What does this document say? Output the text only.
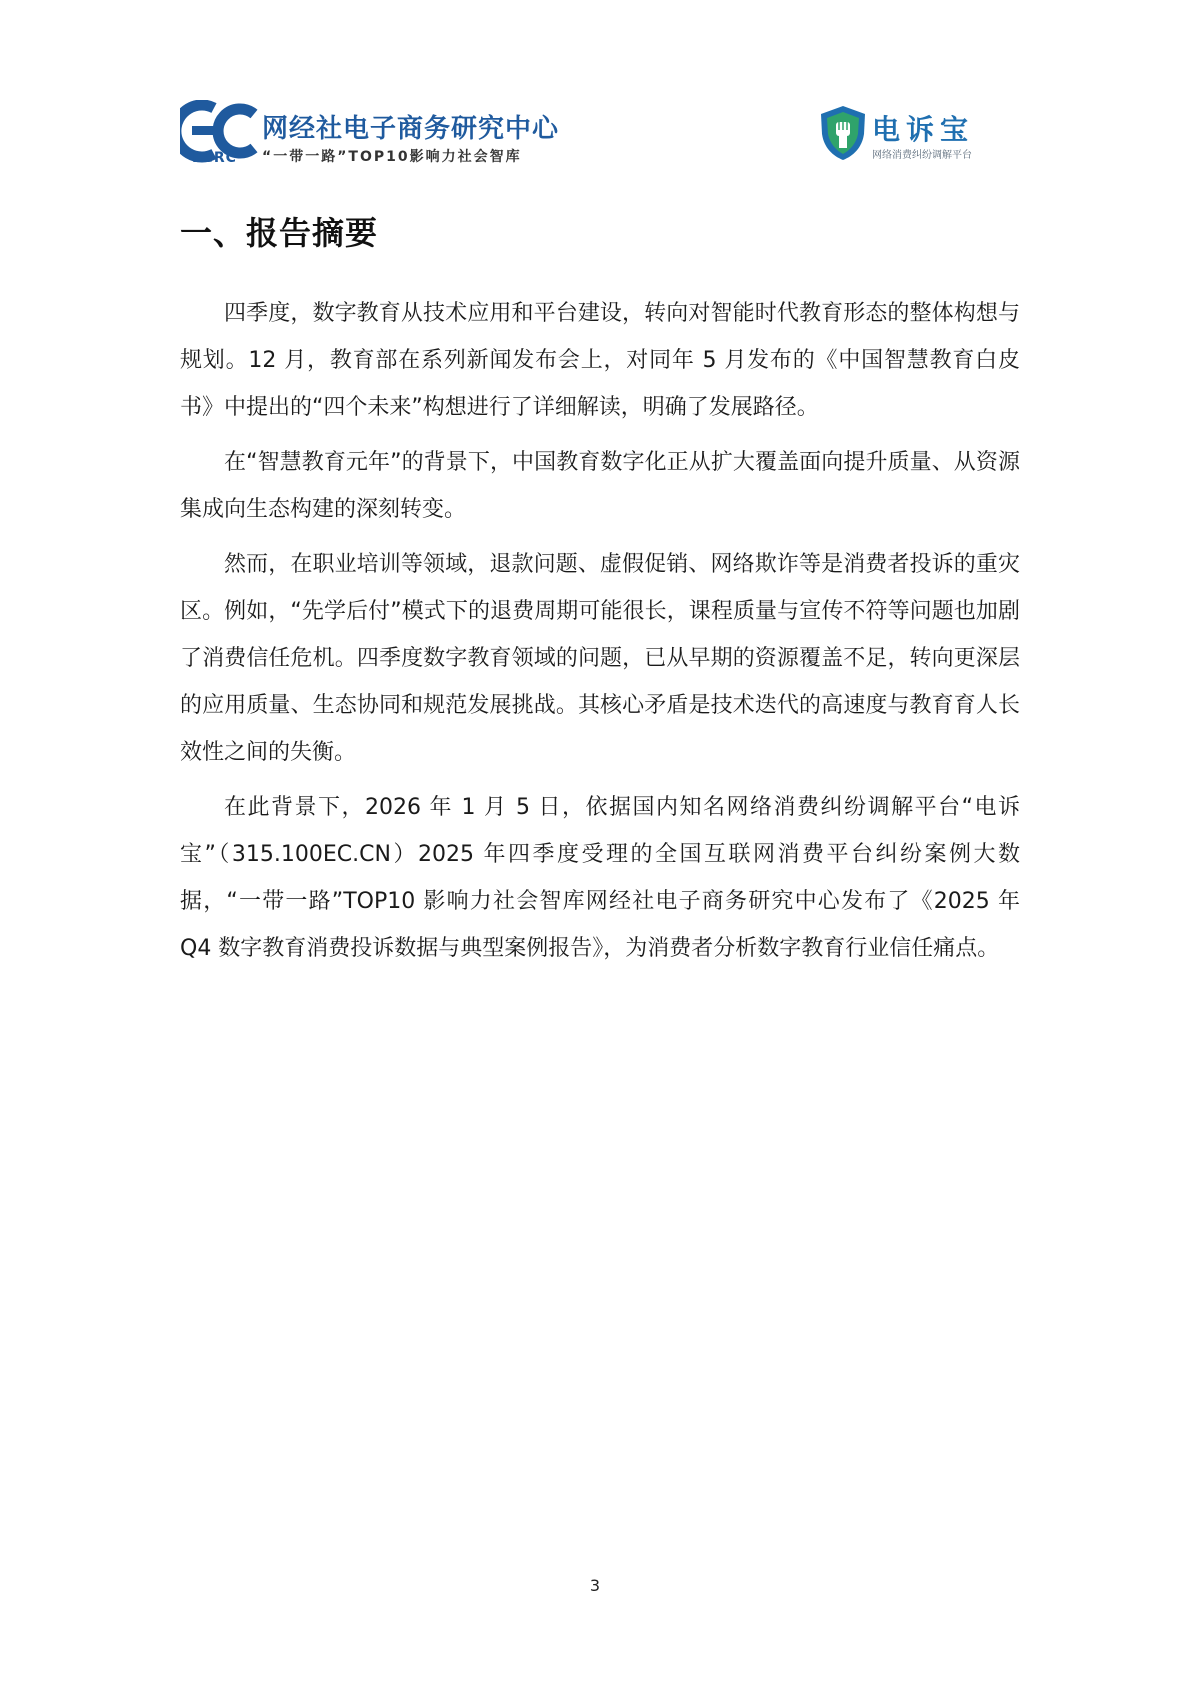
ECRC
网经社电子商务研究中心
“一带一路”TOP10影响力社会智库
电诉宝
网络消费纠纷调解平台
一、报告摘要

四季度，数字教育从技术应用和平台建设，转向对智能时代教育形态的整体构想与规划。12 月，教育部在系列新闻发布会上，对同年 5 月发布的《中国智慧教育白皮书》中提出的“四个未来”构想进行了详细解读，明确了发展路径。

在“智慧教育元年”的背景下，中国教育数字化正从扩大覆盖面向提升质量、从资源集成向生态构建的深刻转变。

然而，在职业培训等领域，退款问题、虚假促销、网络欺诈等是消费者投诉的重灾区。例如，“先学后付”模式下的退费周期可能很长，课程质量与宣传不符等问题也加剧了消费信任危机。四季度数字教育领域的问题，已从早期的资源覆盖不足，转向更深层的应用质量、生态协同和规范发展挑战。其核心矛盾是技术迭代的高速度与教育育人长效性之间的失衡。

在此背景下，2026 年 1 月 5 日，依据国内知名网络消费纠纷调解平台“电诉宝”（315.100EC.CN）2025 年四季度受理的全国互联网消费平台纠纷案例大数据，“一带一路”TOP10 影响力社会智库网经社电子商务研究中心发布了《2025 年 Q4 数字教育消费投诉数据与典型案例报告》，为消费者分析数字教育行业信任痛点。

3
